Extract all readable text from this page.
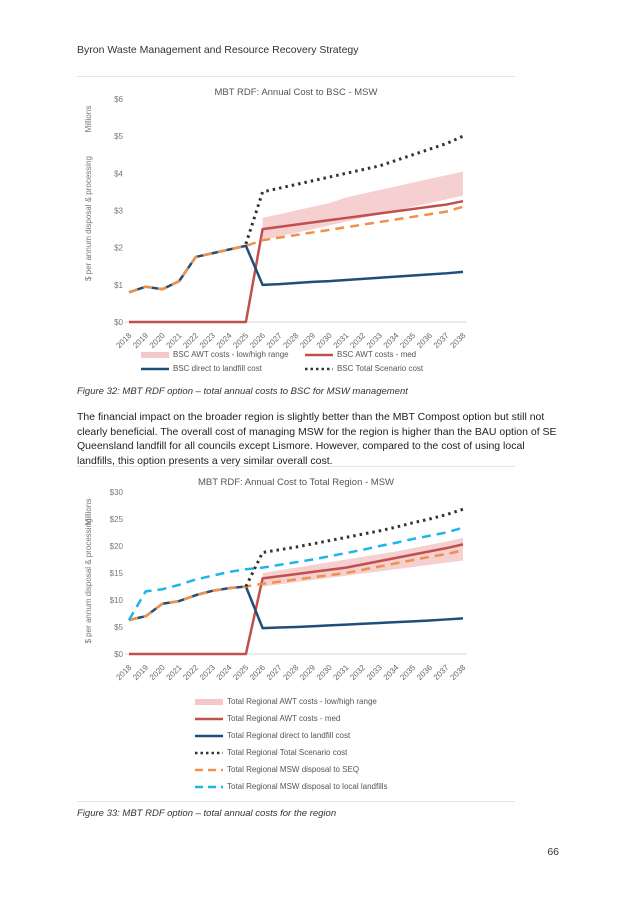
Byron Waste Management and Resource Recovery Strategy
MBT RDF: Annual Cost to BSC - MSW
$0
$1
$2
$3
$4
$5
$6
2018
2019
2020
2021
2022
2023
2024
2025
2026
2027
2028
2029
2030
2031
2032
2033
2034
2035
2036
2037
2038
$ per annum disposal & processing
Millions
BSC AWT costs - low/high range	BSC AWT costs - med
BSC direct to landfill cost	BSC Total Scenario cost
Figure 32: MBT RDF option – total annual costs to BSC for MSW management
The financial impact on the broader region is slightly better than the MBT Compost option but still not clearly beneficial. The overall cost of managing MSW for the region is higher than the BAU option of SE Queensland landfill for all councils except Lismore. However, compared to the cost of using local landfills, this option presents a very similar overall cost.
MBT RDF: Annual Cost to Total Region - MSW
$0
$5
$10
$15
$20
$25
$30
2018
2019
2020
2021
2022
2023
2024
2025
2026
2027
2028
2029
2030
2031
2032
2033
2034
2035
2036
2037
2038
$ per annum disposal & processing
Millions
Total Regional AWT costs - low/high range
Total Regional AWT costs - med
Total Regional direct to landfill cost
Total Regional Total Scenario cost
Total Regional MSW disposal to SEQ
Total Regional MSW disposal to local landfills
Figure 33: MBT RDF option – total annual costs for the region
66
